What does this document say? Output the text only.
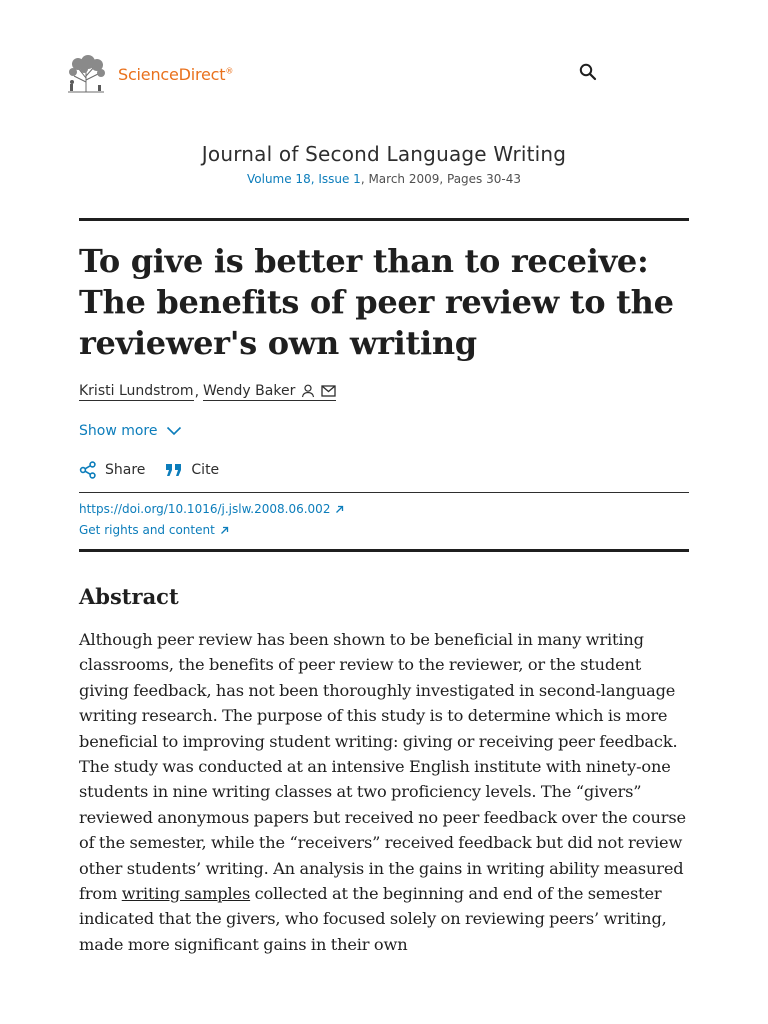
ScienceDirect®
Journal of Second Language Writing
Volume 18, Issue 1, March 2009, Pages 30-43
To give is better than to receive: The benefits of peer review to the reviewer's own writing
Kristi Lundstrom , Wendy Baker
Show more
Share	Cite
https://doi.org/10.1016/j.jslw.2008.06.002
Get rights and content
Abstract

Although peer review has been shown to be beneficial in many writing classrooms, the benefits of peer review to the reviewer, or the student giving feedback, has not been thoroughly investigated in second-language writing research. The purpose of this study is to determine which is more beneficial to improving student writing: giving or receiving peer feedback. The study was conducted at an intensive English institute with ninety-one students in nine writing classes at two proficiency levels. The “givers” reviewed anonymous papers but received no peer feedback over the course of the semester, while the “receivers” received feedback but did not review other students’ writing. An analysis in the gains in writing ability measured from writing samples collected at the beginning and end of the semester indicated that the givers, who focused solely on reviewing peers’ writing, made more significant gains in their own
